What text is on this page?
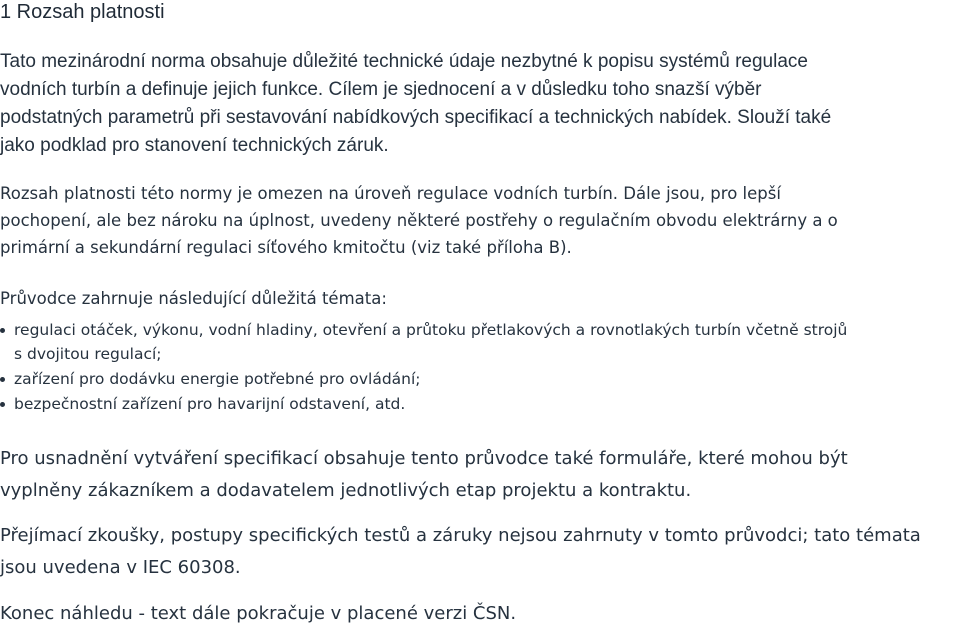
1 Rozsah platnosti
Tato mezinárodní norma obsahuje důležité technické údaje nezbytné k popisu systémů regulace
vodních turbín a definuje jejich funkce. Cílem je sjednocení a v důsledku toho snazší výběr
podstatných parametrů při sestavování nabídkových specifikací a technických nabídek. Slouží také
jako podklad pro stanovení technických záruk.
Rozsah platnosti této normy je omezen na úroveň regulace vodních turbín. Dále jsou, pro lepší
pochopení, ale bez nároku na úplnost, uvedeny některé postřehy o regulačním obvodu elektrárny a o
primární a sekundární regulaci síťového kmitočtu (viz také příloha B).
Průvodce zahrnuje následující důležitá témata:
regulaci otáček, výkonu, vodní hladiny, otevření a průtoku přetlakových a rovnotlakých turbín včetně strojů
s dvojitou regulací;
zařízení pro dodávku energie potřebné pro ovládání;
bezpečnostní zařízení pro havarijní odstavení, atd.
Pro usnadnění vytváření specifikací obsahuje tento průvodce také formuláře, které mohou být
vyplněny zákazníkem a dodavatelem jednotlivých etap projektu a kontraktu.
Přejímací zkoušky, postupy specifických testů a záruky nejsou zahrnuty v tomto průvodci; tato témata
jsou uvedena v IEC 60308.
Konec náhledu - text dále pokračuje v placené verzi ČSN.
